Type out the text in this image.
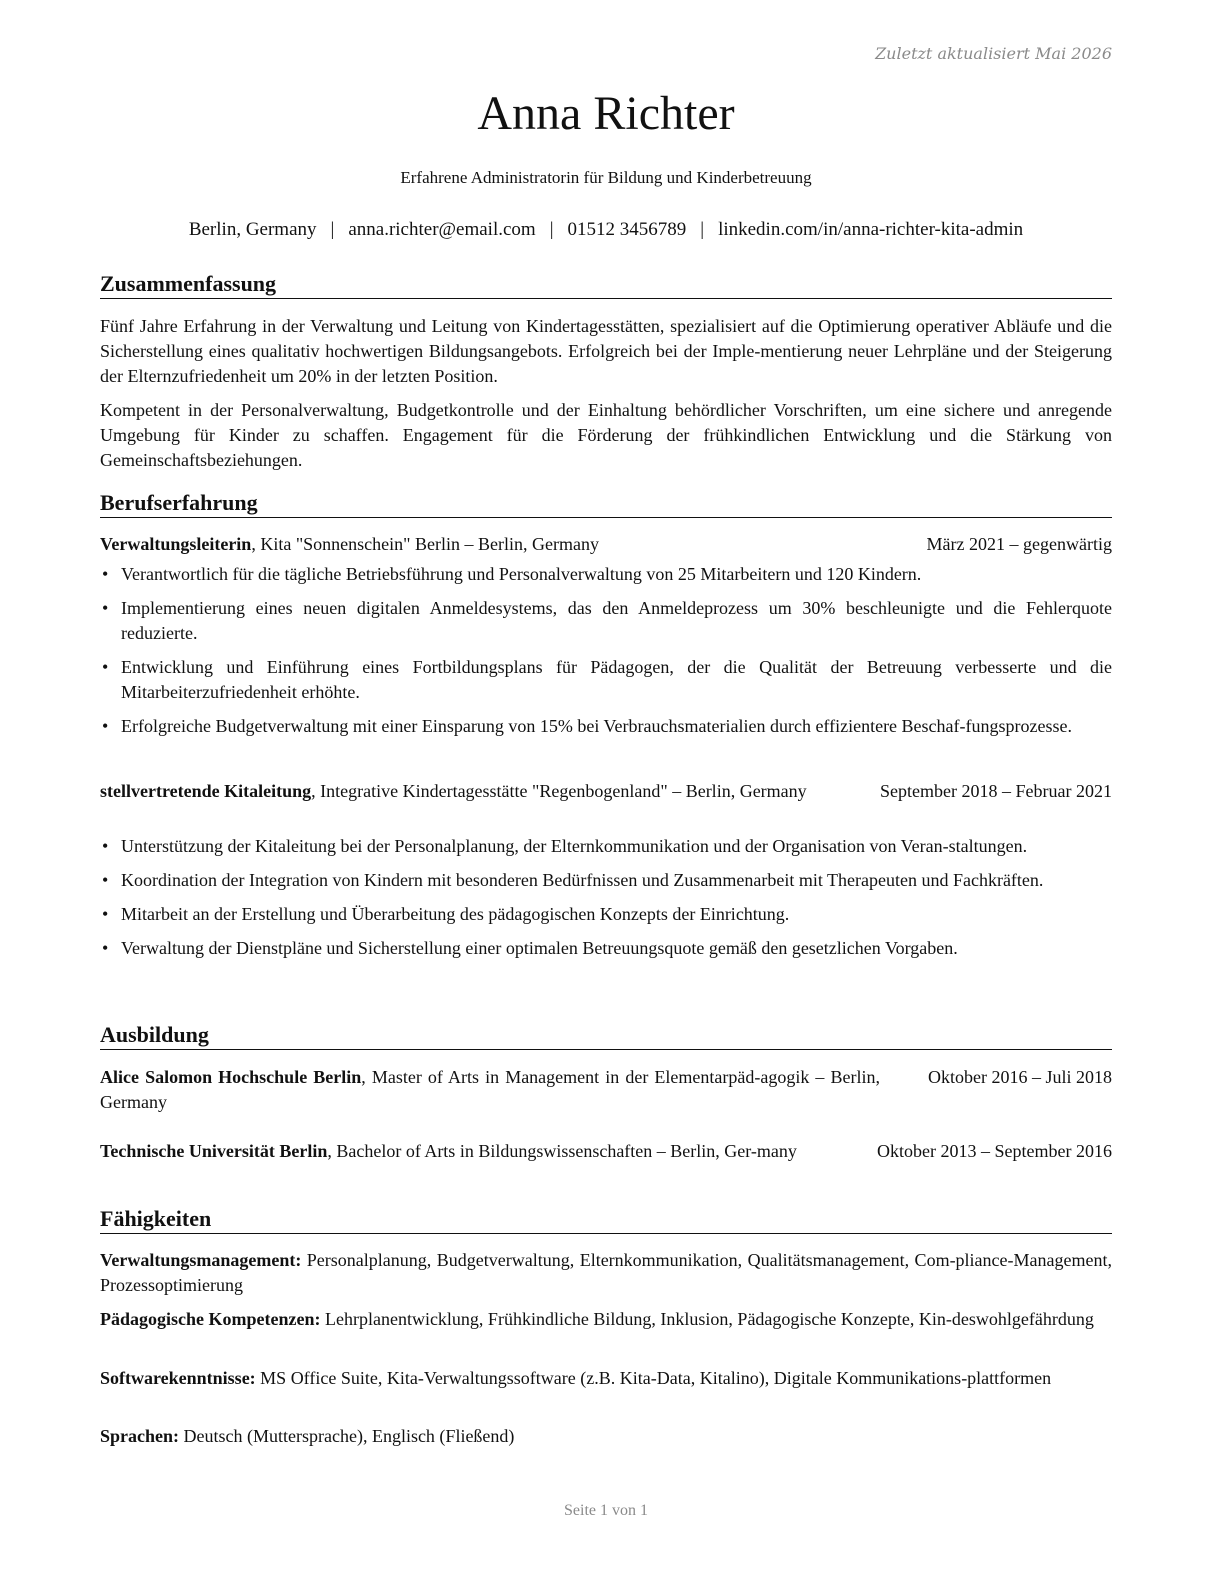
Zuletzt aktualisiert Mai 2026
Anna Richter
Erfahrene Administratorin für Bildung und Kinderbetreuung
Berlin, Germany | anna.richter@email.com | 01512 3456789 | linkedin.com/in/anna-richter-kita-admin
Zusammenfassung
Fünf Jahre Erfahrung in der Verwaltung und Leitung von Kindertagesstätten, spezialisiert auf die Optimierung operativer Abläufe und die Sicherstellung eines qualitativ hochwertigen Bildungsangebots. Erfolgreich bei der Imple-mentierung neuer Lehrpläne und der Steigerung der Elternzufriedenheit um 20% in der letzten Position.
Kompetent in der Personalverwaltung, Budgetkontrolle und der Einhaltung behördlicher Vorschriften, um eine sichere und anregende Umgebung für Kinder zu schaffen. Engagement für die Förderung der frühkindlichen Entwicklung und die Stärkung von Gemeinschaftsbeziehungen.
Berufserfahrung
Verwaltungsleiterin, Kita "Sonnenschein" Berlin – Berlin, Germany	März 2021 – gegenwärtig
• Verantwortlich für die tägliche Betriebsführung und Personalverwaltung von 25 Mitarbeitern und 120 Kindern.
• Implementierung eines neuen digitalen Anmeldesystems, das den Anmeldeprozess um 30% beschleunigte und die Fehlerquote reduzierte.
• Entwicklung und Einführung eines Fortbildungsplans für Pädagogen, der die Qualität der Betreuung verbesserte und die Mitarbeiterzufriedenheit erhöhte.
• Erfolgreiche Budgetverwaltung mit einer Einsparung von 15% bei Verbrauchsmaterialien durch effizientere Beschaf-fungsprozesse.
stellvertretende Kitaleitung, Integrative Kindertagesstätte "Regenbogenland" – Berlin, Germany	September 2018 – Februar 2021
• Unterstützung der Kitaleitung bei der Personalplanung, der Elternkommunikation und der Organisation von Veran-staltungen.
• Koordination der Integration von Kindern mit besonderen Bedürfnissen und Zusammenarbeit mit Therapeuten und Fachkräften.
• Mitarbeit an der Erstellung und Überarbeitung des pädagogischen Konzepts der Einrichtung.
• Verwaltung der Dienstpläne und Sicherstellung einer optimalen Betreuungsquote gemäß den gesetzlichen Vorgaben.
Ausbildung
Alice Salomon Hochschule Berlin, Master of Arts in Management in der Elementarpäd-agogik – Berlin, Germany
Oktober 2016 – Juli 2018
Technische Universität Berlin, Bachelor of Arts in Bildungswissenschaften – Berlin, Ger-many	Oktober 2013 – September 2016
Fähigkeiten
Verwaltungsmanagement: Personalplanung, Budgetverwaltung, Elternkommunikation, Qualitätsmanagement, Com-pliance-Management, Prozessoptimierung
Pädagogische Kompetenzen: Lehrplanentwicklung, Frühkindliche Bildung, Inklusion, Pädagogische Konzepte, Kin-deswohlgefährdung
Softwarekenntnisse: MS Office Suite, Kita-Verwaltungssoftware (z.B. Kita-Data, Kitalino), Digitale Kommunikations-plattformen
Sprachen: Deutsch (Muttersprache), Englisch (Fließend)
Seite 1 von 1
